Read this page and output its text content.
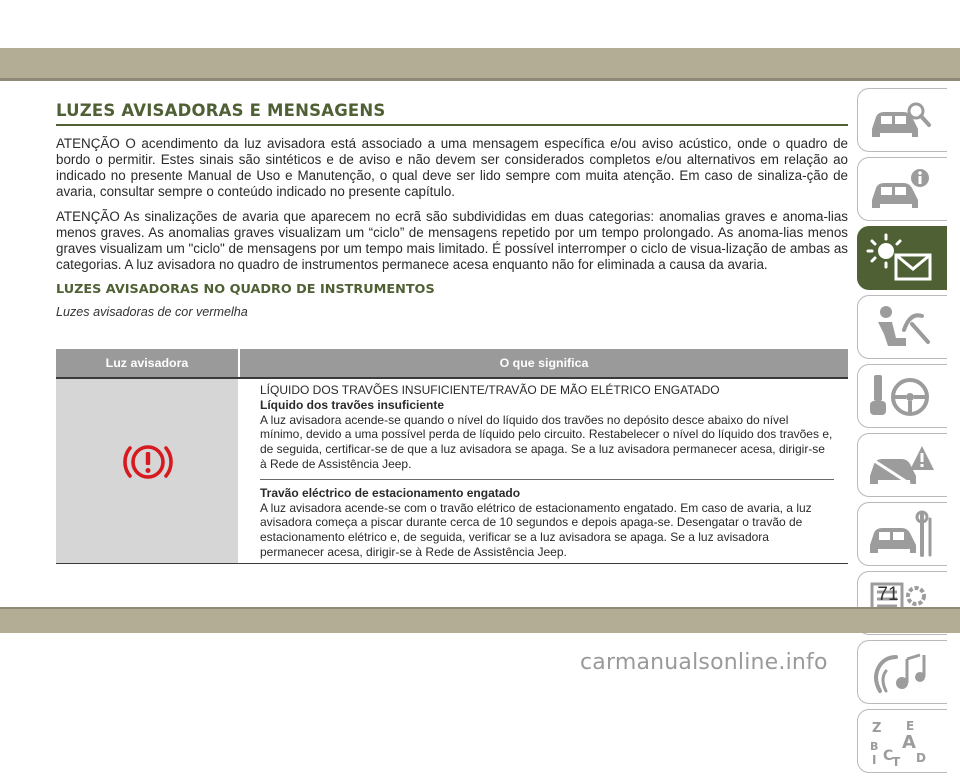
LUZES AVISADORAS E MENSAGENS

ATENÇÃO O acendimento da luz avisadora está associado a uma mensagem específica e/ou aviso acústico, onde o quadro de bordo o permitir. Estes sinais são sintéticos e de aviso e não devem ser considerados completos e/ou alternativos em relação ao indicado no presente Manual de Uso e Manutenção, o qual deve ser lido sempre com muita atenção. Em caso de sinaliza-ção de avaria, consultar sempre o conteúdo indicado no presente capítulo.

ATENÇÃO As sinalizações de avaria que aparecem no ecrã são subdivididas em duas categorias: anomalias graves e anoma-lias menos graves. As anomalias graves visualizam um “ciclo” de mensagens repetido por um tempo prolongado. As anoma-lias menos graves visualizam um "ciclo" de mensagens por um tempo mais limitado. É possível interromper o ciclo de visua-lização de ambas as categorias. A luz avisadora no quadro de instrumentos permanece acesa enquanto não for eliminada a causa da avaria.

LUZES AVISADORAS NO QUADRO DE INSTRUMENTOS
Luzes avisadoras de cor vermelha
Luz avisadora	O que significa
LÍQUIDO DOS TRAVÕES INSUFICIENTE/TRAVÃO DE MÃO ELÉTRICO ENGATADO
Líquido dos travões insuficiente
A luz avisadora acende-se quando o nível do líquido dos travões no depósito desce abaixo do nível mínimo, devido a uma possível perda de líquido pelo circuito. Restabelecer o nível do líquido dos travões e, de seguida, certificar-se de que a luz avisadora se apaga. Se a luz avisadora permanecer acesa, dirigir-se à Rede de Assistência Jeep.
Travão eléctrico de estacionamento engatado
A luz avisadora acende-se com o travão elétrico de estacionamento engatado. Em caso de avaria, a luz avisadora começa a piscar durante cerca de 10 segundos e depois apaga-se. Desengatar o travão de estacionamento elétrico e, de seguida, verificar se a luz avisadora se apaga. Se a luz avisadora permanecer acesa, dirigir-se à Rede de Assistência Jeep.
Z E
A
B
I C
T D
71
carmanualsonline.info
